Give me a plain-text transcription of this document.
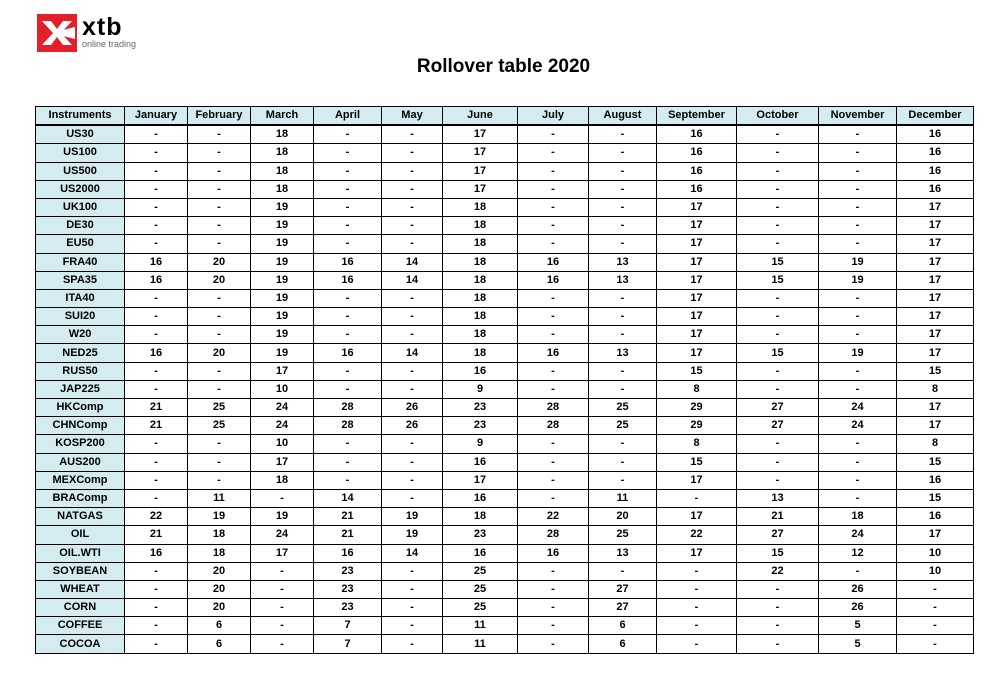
xtb
online trading
Rollover table 2020
Instruments	January	February	March	April	May	June	July	August	September	October	November	December
US30	-	-	18	-	-	17	-	-	16	-	-	16
US100	-	-	18	-	-	17	-	-	16	-	-	16
US500	-	-	18	-	-	17	-	-	16	-	-	16
US2000	-	-	18	-	-	17	-	-	16	-	-	16
UK100	-	-	19	-	-	18	-	-	17	-	-	17
DE30	-	-	19	-	-	18	-	-	17	-	-	17
EU50	-	-	19	-	-	18	-	-	17	-	-	17
FRA40	16	20	19	16	14	18	16	13	17	15	19	17
SPA35	16	20	19	16	14	18	16	13	17	15	19	17
ITA40	-	-	19	-	-	18	-	-	17	-	-	17
SUI20	-	-	19	-	-	18	-	-	17	-	-	17
W20	-	-	19	-	-	18	-	-	17	-	-	17
NED25	16	20	19	16	14	18	16	13	17	15	19	17
RUS50	-	-	17	-	-	16	-	-	15	-	-	15
JAP225	-	-	10	-	-	9	-	-	8	-	-	8
HKComp	21	25	24	28	26	23	28	25	29	27	24	17
CHNComp	21	25	24	28	26	23	28	25	29	27	24	17
KOSP200	-	-	10	-	-	9	-	-	8	-	-	8
AUS200	-	-	17	-	-	16	-	-	15	-	-	15
MEXComp	-	-	18	-	-	17	-	-	17	-	-	16
BRAComp	-	11	-	14	-	16	-	11	-	13	-	15
NATGAS	22	19	19	21	19	18	22	20	17	21	18	16
OIL	21	18	24	21	19	23	28	25	22	27	24	17
OIL.WTI	16	18	17	16	14	16	16	13	17	15	12	10
SOYBEAN	-	20	-	23	-	25	-	-	-	22	-	10
WHEAT	-	20	-	23	-	25	-	27	-	-	26	-
CORN	-	20	-	23	-	25	-	27	-	-	26	-
COFFEE	-	6	-	7	-	11	-	6	-	-	5	-
COCOA	-	6	-	7	-	11	-	6	-	-	5	-
